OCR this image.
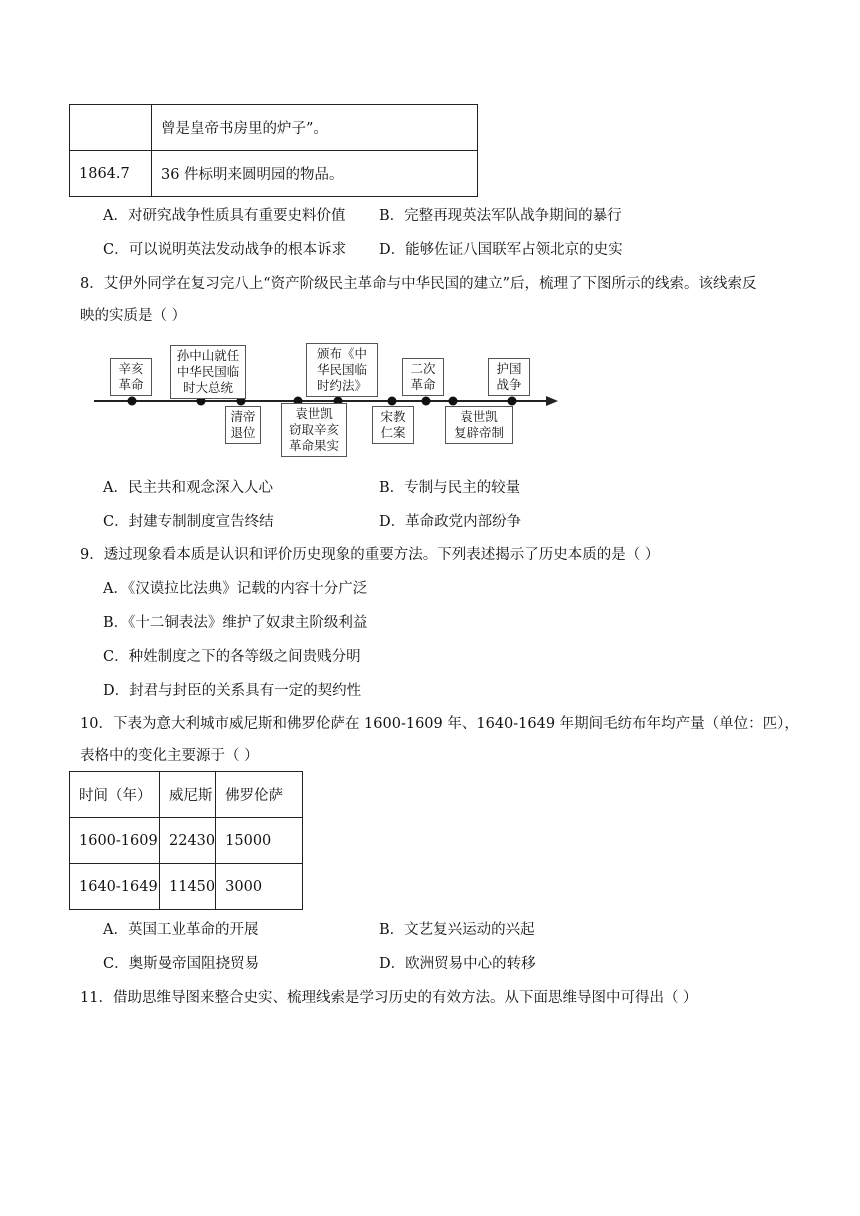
	曾是皇帝书房里的炉子”。
1864.7	36 件标明来圆明园的物品。
A．对研究战争性质具有重要史料价值 B．完整再现英法军队战争期间的暴行
C．可以说明英法发动战争的根本诉求 D．能够佐证八国联军占领北京的史实
8．艾伊外同学在复习完八上“资产阶级民主革命与中华民国的建立”后，梳理了下图所示的线索。该线索反
映的实质是（ ）
辛亥
革命
孙中山就任
中华民国临
时大总统
颁布《中
华民国临
时约法》
二次
革命
护国
战争
清帝
退位
袁世凯
窃取辛亥
革命果实
宋教
仁案
袁世凯
复辟帝制
A．民主共和观念深入人心	B．专制与民主的较量
C．封建专制制度宣告终结	D．革命政党内部纷争
9．透过现象看本质是认识和评价历史现象的重要方法。下列表述揭示了历史本质的是（ ）
A．《汉谟拉比法典》记载的内容十分广泛
B．《十二铜表法》维护了奴隶主阶级利益
C．种姓制度之下的各等级之间贵贱分明
D．封君与封臣的关系具有一定的契约性
10．下表为意大利城市威尼斯和佛罗伦萨在 1600-1609 年、1640-1649 年期间毛纺布年均产量（单位：匹），
表格中的变化主要源于（ ）
时间（年）	威尼斯	佛罗伦萨
1600-1609	22430	15000
1640-1649	11450	3000
A．英国工业革命的开展	B．文艺复兴运动的兴起
C．奥斯曼帝国阻挠贸易	D．欧洲贸易中心的转移
11．借助思维导图来整合史实、梳理线索是学习历史的有效方法。从下面思维导图中可得出（ ）
